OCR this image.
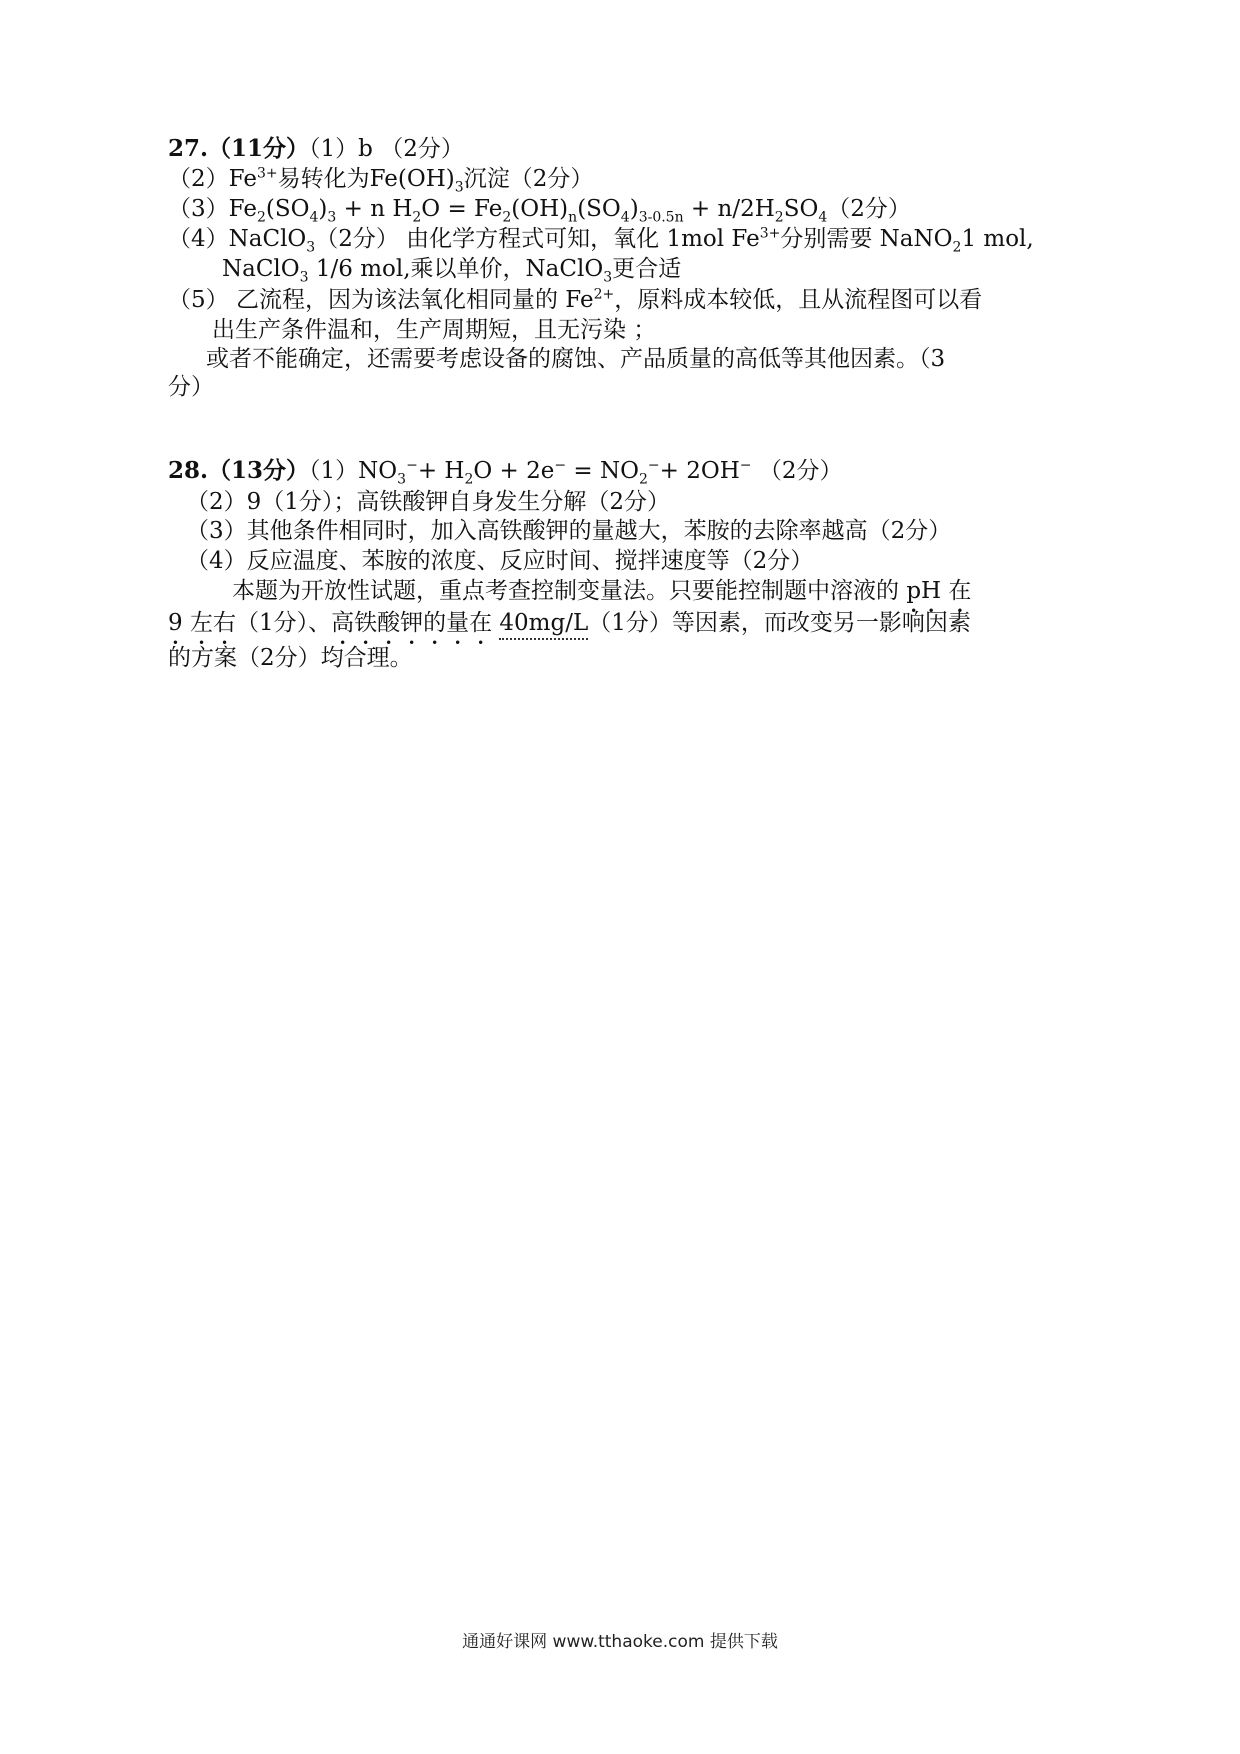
27.（11分）（1）b （2分）
$(2)Fe^{3+}$易转化为$Fe(OH)_3$沉淀（2分）
$(3)Fe_2(SO_4)_3 + n$ $H_2O = Fe_2(OH)_n(SO_4)_{3-0.5n} + n/2H_2SO_4(2$分）
（4）NaClO$_3$（2分） 由化学方程式可知，氧化 1mol $Fe^{3+}$分别需要 NaNO$_2$1 mol,
NaClO$_3$ 1/6 mol,乘以单价，NaClO$_3$更合适
（5） 乙流程，因为该法氧化相同量的 $Fe^{2+}$，原料成本较低，且从流程图可以看
出生产条件温和，生产周期短，且无污染 ；
或者不能确定，还需要考虑设备的腐蚀、产品质量的高低等其他因素。（3
分）
28.（13分）$(1)NO_3^-+ H_2O + 2e^- = NO_2^-+ 2OH^-$ （2分）
（2）9（1分）；高铁酸钾自身发生分解（2分）
（3）其他条件相同时，加入高铁酸钾的量越大，苯胺的去除率越高（2分）
（4）反应温度、苯胺的浓度、反应时间、搅拌速度等（2分）
本题为开放性试题，重点考查控制变量法。只要能控制题中溶液的 pH 在
9 左右（1分）、高铁酸钾的量在 40mg/L（1分）等因素，而改变另一影响因素
的方案（2分）均合理。
通通好课网 www.tthaoke.com 提供下载
